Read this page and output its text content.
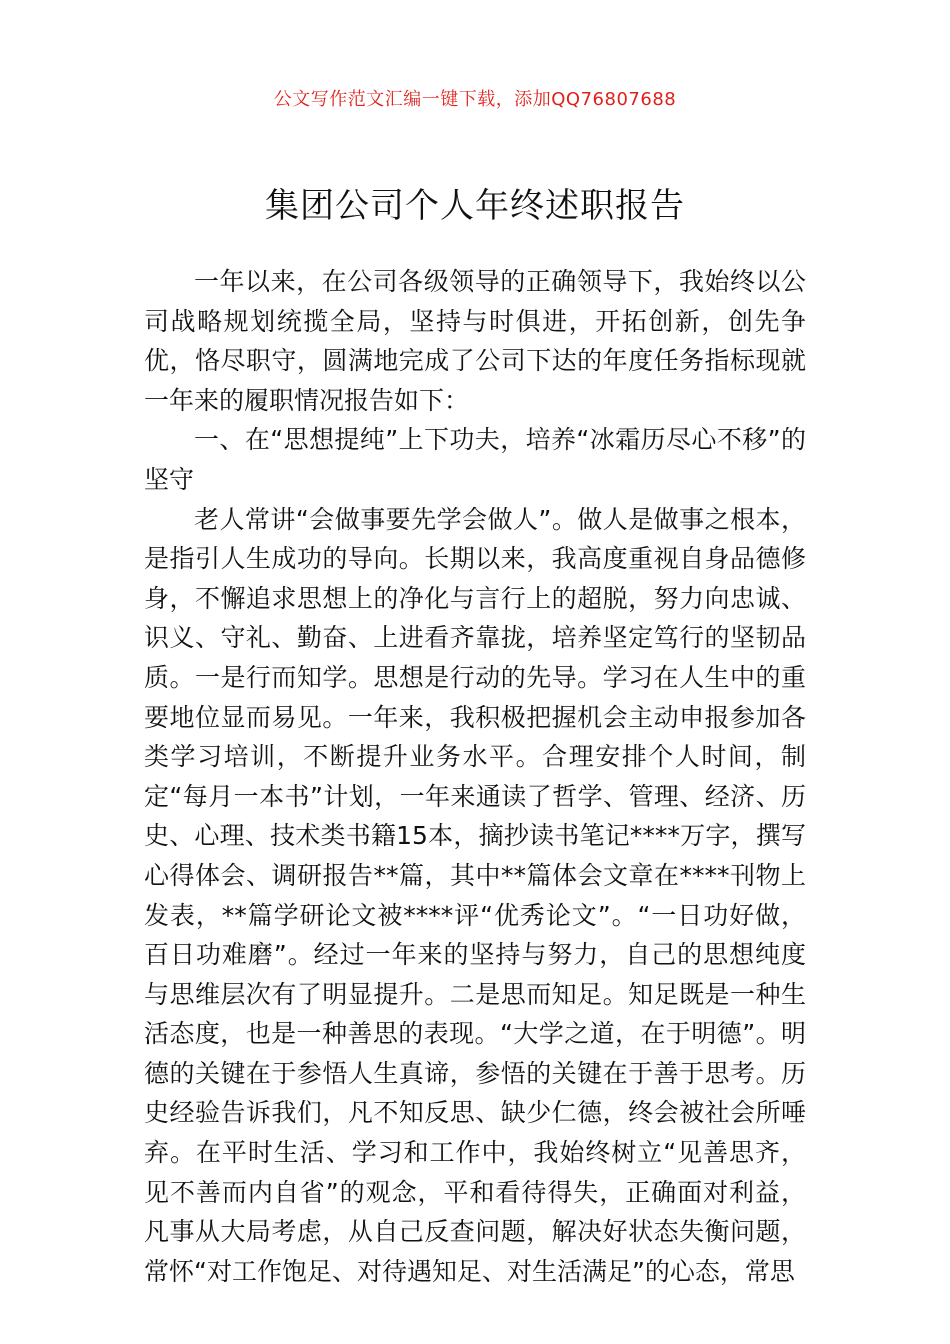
公文写作范文汇编一键下载，添加QQ76807688
集团公司个人年终述职报告

一年以来，在公司各级领导的正确领导下，我始终以公司战略规划统揽全局，坚持与时俱进，开拓创新，创先争优，恪尽职守，圆满地完成了公司下达的年度任务指标现就一年来的履职情况报告如下：

一、在“思想提纯”上下功夫，培养“冰霜历尽心不移”的坚守

老人常讲“会做事要先学会做人”。做人是做事之根本，是指引人生成功的导向。长期以来，我高度重视自身品德修身，不懈追求思想上的净化与言行上的超脱，努力向忠诚、识义、守礼、勤奋、上进看齐靠拢，培养坚定笃行的坚韧品质。一是行而知学。思想是行动的先导。学习在人生中的重要地位显而易见。一年来，我积极把握机会主动申报参加各类学习培训，不断提升业务水平。合理安排个人时间，制定“每月一本书”计划，一年来通读了哲学、管理、经济、历史、心理、技术类书籍15本，摘抄读书笔记****万字，撰写心得体会、调研报告**篇，其中**篇体会文章在****刊物上发表，**篇学研论文被****评“优秀论文”。“一日功好做，百日功难磨”。经过一年来的坚持与努力，自己的思想纯度与思维层次有了明显提升。二是思而知足。知足既是一种生活态度，也是一种善思的表现。“大学之道，在于明德”。明德的关键在于参悟人生真谛，参悟的关键在于善于思考。历史经验告诉我们，凡不知反思、缺少仁德，终会被社会所唾弃。在平时生活、学习和工作中，我始终树立“见善思齐，见不善而内自省”的观念，平和看待得失，正确面对利益，凡事从大局考虑，从自己反查问题，解决好状态失衡问题，常怀“对工作饱足、对待遇知足、对生活满足”的心态，常思
